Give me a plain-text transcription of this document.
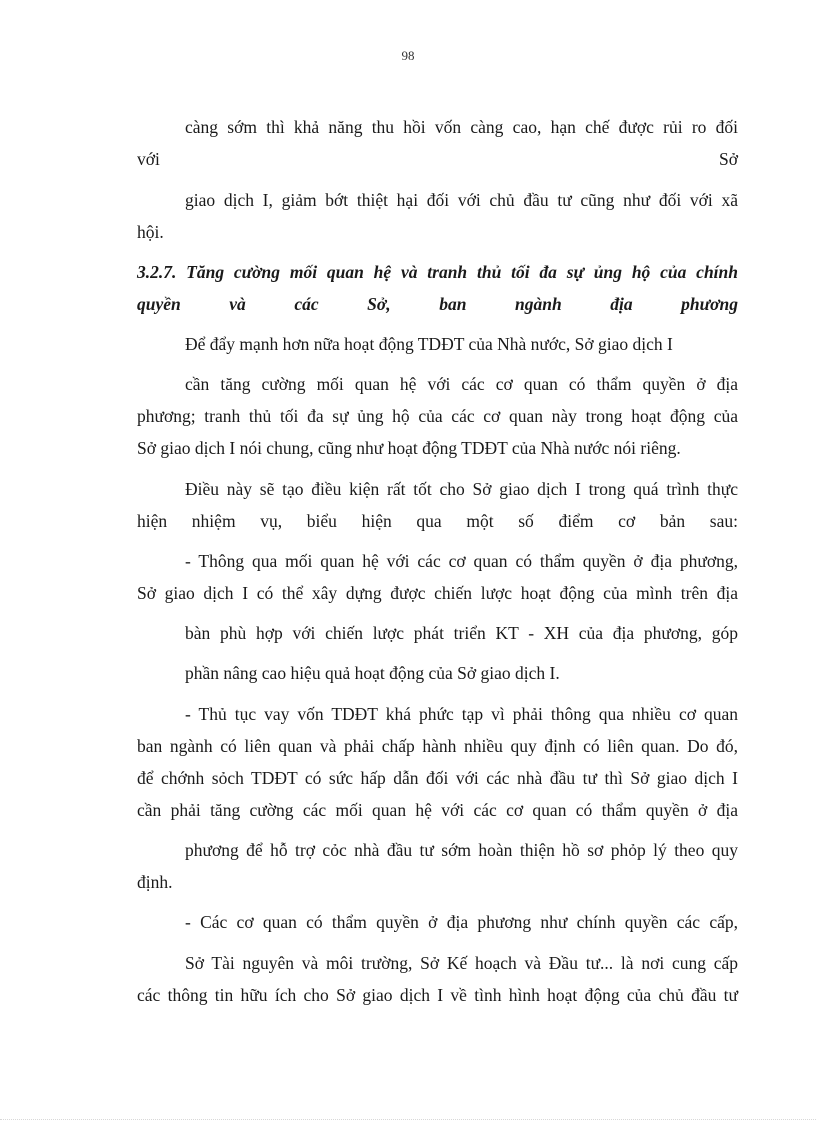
98
càng sớm thì khả năng thu hồi vốn càng cao, hạn chế được rủi ro đối
với	Sở
giao dịch I, giảm bớt thiệt hại đối với chủ đầu tư cũng như đối với xã
hội.
3.2.7. Tăng cường mối quan hệ và tranh thủ tối đa sự ủng hộ của chính
quyền và các Sở, ban ngành địa phương
Để đẩy mạnh hơn nữa hoạt động TDĐT của Nhà nước, Sở giao dịch I
cần tăng cường mối quan hệ với các cơ quan có thẩm quyền ở địa
phương; tranh thủ tối đa sự ủng hộ của các cơ quan này trong hoạt động của
Sở giao dịch I nói chung, cũng như hoạt động TDĐT của Nhà nước nói riêng.
Điều này sẽ tạo điều kiện rất tốt cho Sở giao dịch I trong quá trình thực
hiện nhiệm vụ, biểu hiện qua một số điểm cơ bản sau:
- Thông qua mối quan hệ với các cơ quan có thẩm quyền ở địa phương,
Sở giao dịch I có thể xây dựng được chiến lược hoạt động của mình trên địa
bàn phù hợp với chiến lược phát triển KT - XH của địa phương, góp
phần nâng cao hiệu quả hoạt động của Sở giao dịch I.
- Thủ tục vay vốn TDĐT khá phức tạp vì phải thông qua nhiều cơ quan
ban ngành có liên quan và phải chấp hành nhiều quy định có liên quan. Do đó,
để chớnh sỏch TDĐT có sức hấp dẫn đối với các nhà đầu tư thì Sở giao dịch I
cần phải tăng cường các mối quan hệ với các cơ quan có thẩm quyền ở địa
phương để hỗ trợ cỏc nhà đầu tư sớm hoàn thiện hồ sơ phỏp lý theo quy
định.
- Các cơ quan có thẩm quyền ở địa phương như chính quyền các cấp,
Sở Tài nguyên và môi trường, Sở Kế hoạch và Đầu tư... là nơi cung cấp
các thông tin hữu ích cho Sở giao dịch I về tình hình hoạt động của chủ đầu tư
